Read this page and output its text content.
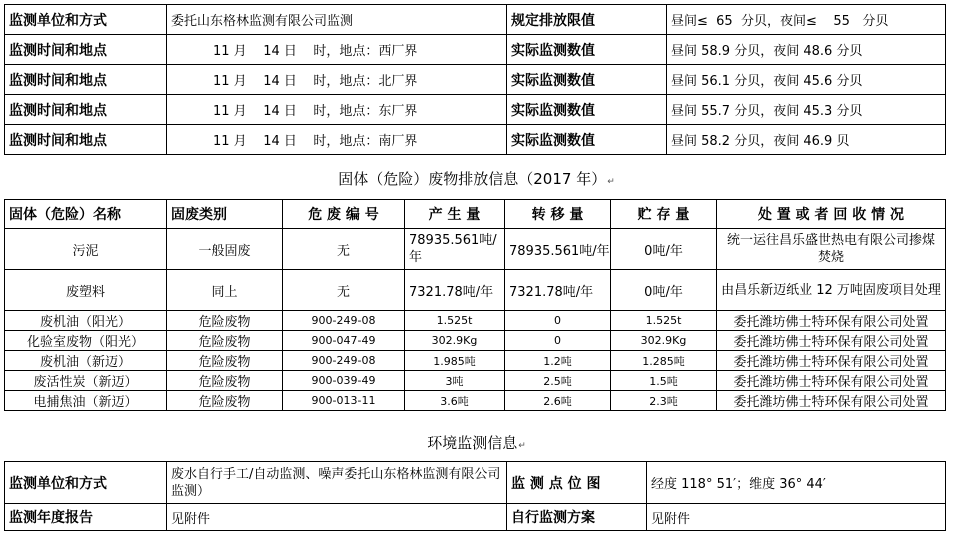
监测单位和方式	委托山东格林监测有限公司监测	规定排放限值	昼间≤  65  分贝，夜间≤    55   分贝
监测时间和地点	11 月    14 日    时，地点：西厂界	实际监测数值	昼间 58.9 分贝，夜间 48.6 分贝
监测时间和地点	11 月    14 日    时，地点：北厂界	实际监测数值	昼间 56.1 分贝，夜间 45.6 分贝
监测时间和地点	11 月    14 日    时，地点：东厂界	实际监测数值	昼间 55.7 分贝，夜间 45.3 分贝
监测时间和地点	11 月    14 日    时，地点：南厂界	实际监测数值	昼间 58.2 分贝，夜间 46.9 贝
固体（危险）废物排放信息（2017 年）↵
固体（危险）名称	固废类别	危 废 编 号	产 生 量	转 移 量	贮 存 量	处 置 或 者 回 收 情 况
污泥	一般固废	无	78935.561吨/年	78935.561吨/年	0吨/年	统一运往昌乐盛世热电有限公司掺煤焚烧
废塑料	同上	无	7321.78吨/年	7321.78吨/年	0吨/年	由昌乐新迈纸业 12 万吨固废项目处理
废机油（阳光）	危险废物	900-249-08	1.525t	0	1.525t	委托潍坊佛士特环保有限公司处置
化验室废物（阳光）	危险废物	900-047-49	302.9Kg	0	302.9Kg	委托潍坊佛士特环保有限公司处置
废机油（新迈）	危险废物	900-249-08	1.985吨	1.2吨	1.285吨	委托潍坊佛士特环保有限公司处置
废活性炭（新迈）	危险废物	900-039-49	3吨	2.5吨	1.5吨	委托潍坊佛士特环保有限公司处置
电捕焦油（新迈）	危险废物	900-013-11	3.6吨	2.6吨	2.3吨	委托潍坊佛士特环保有限公司处置
环境监测信息↵
监测单位和方式	废水自行手工/自动监测、噪声委托山东格林监测有限公司监测）	监 测 点 位 图	经度 118° 51′；维度 36° 44′
监测年度报告	见附件	自行监测方案	见附件
